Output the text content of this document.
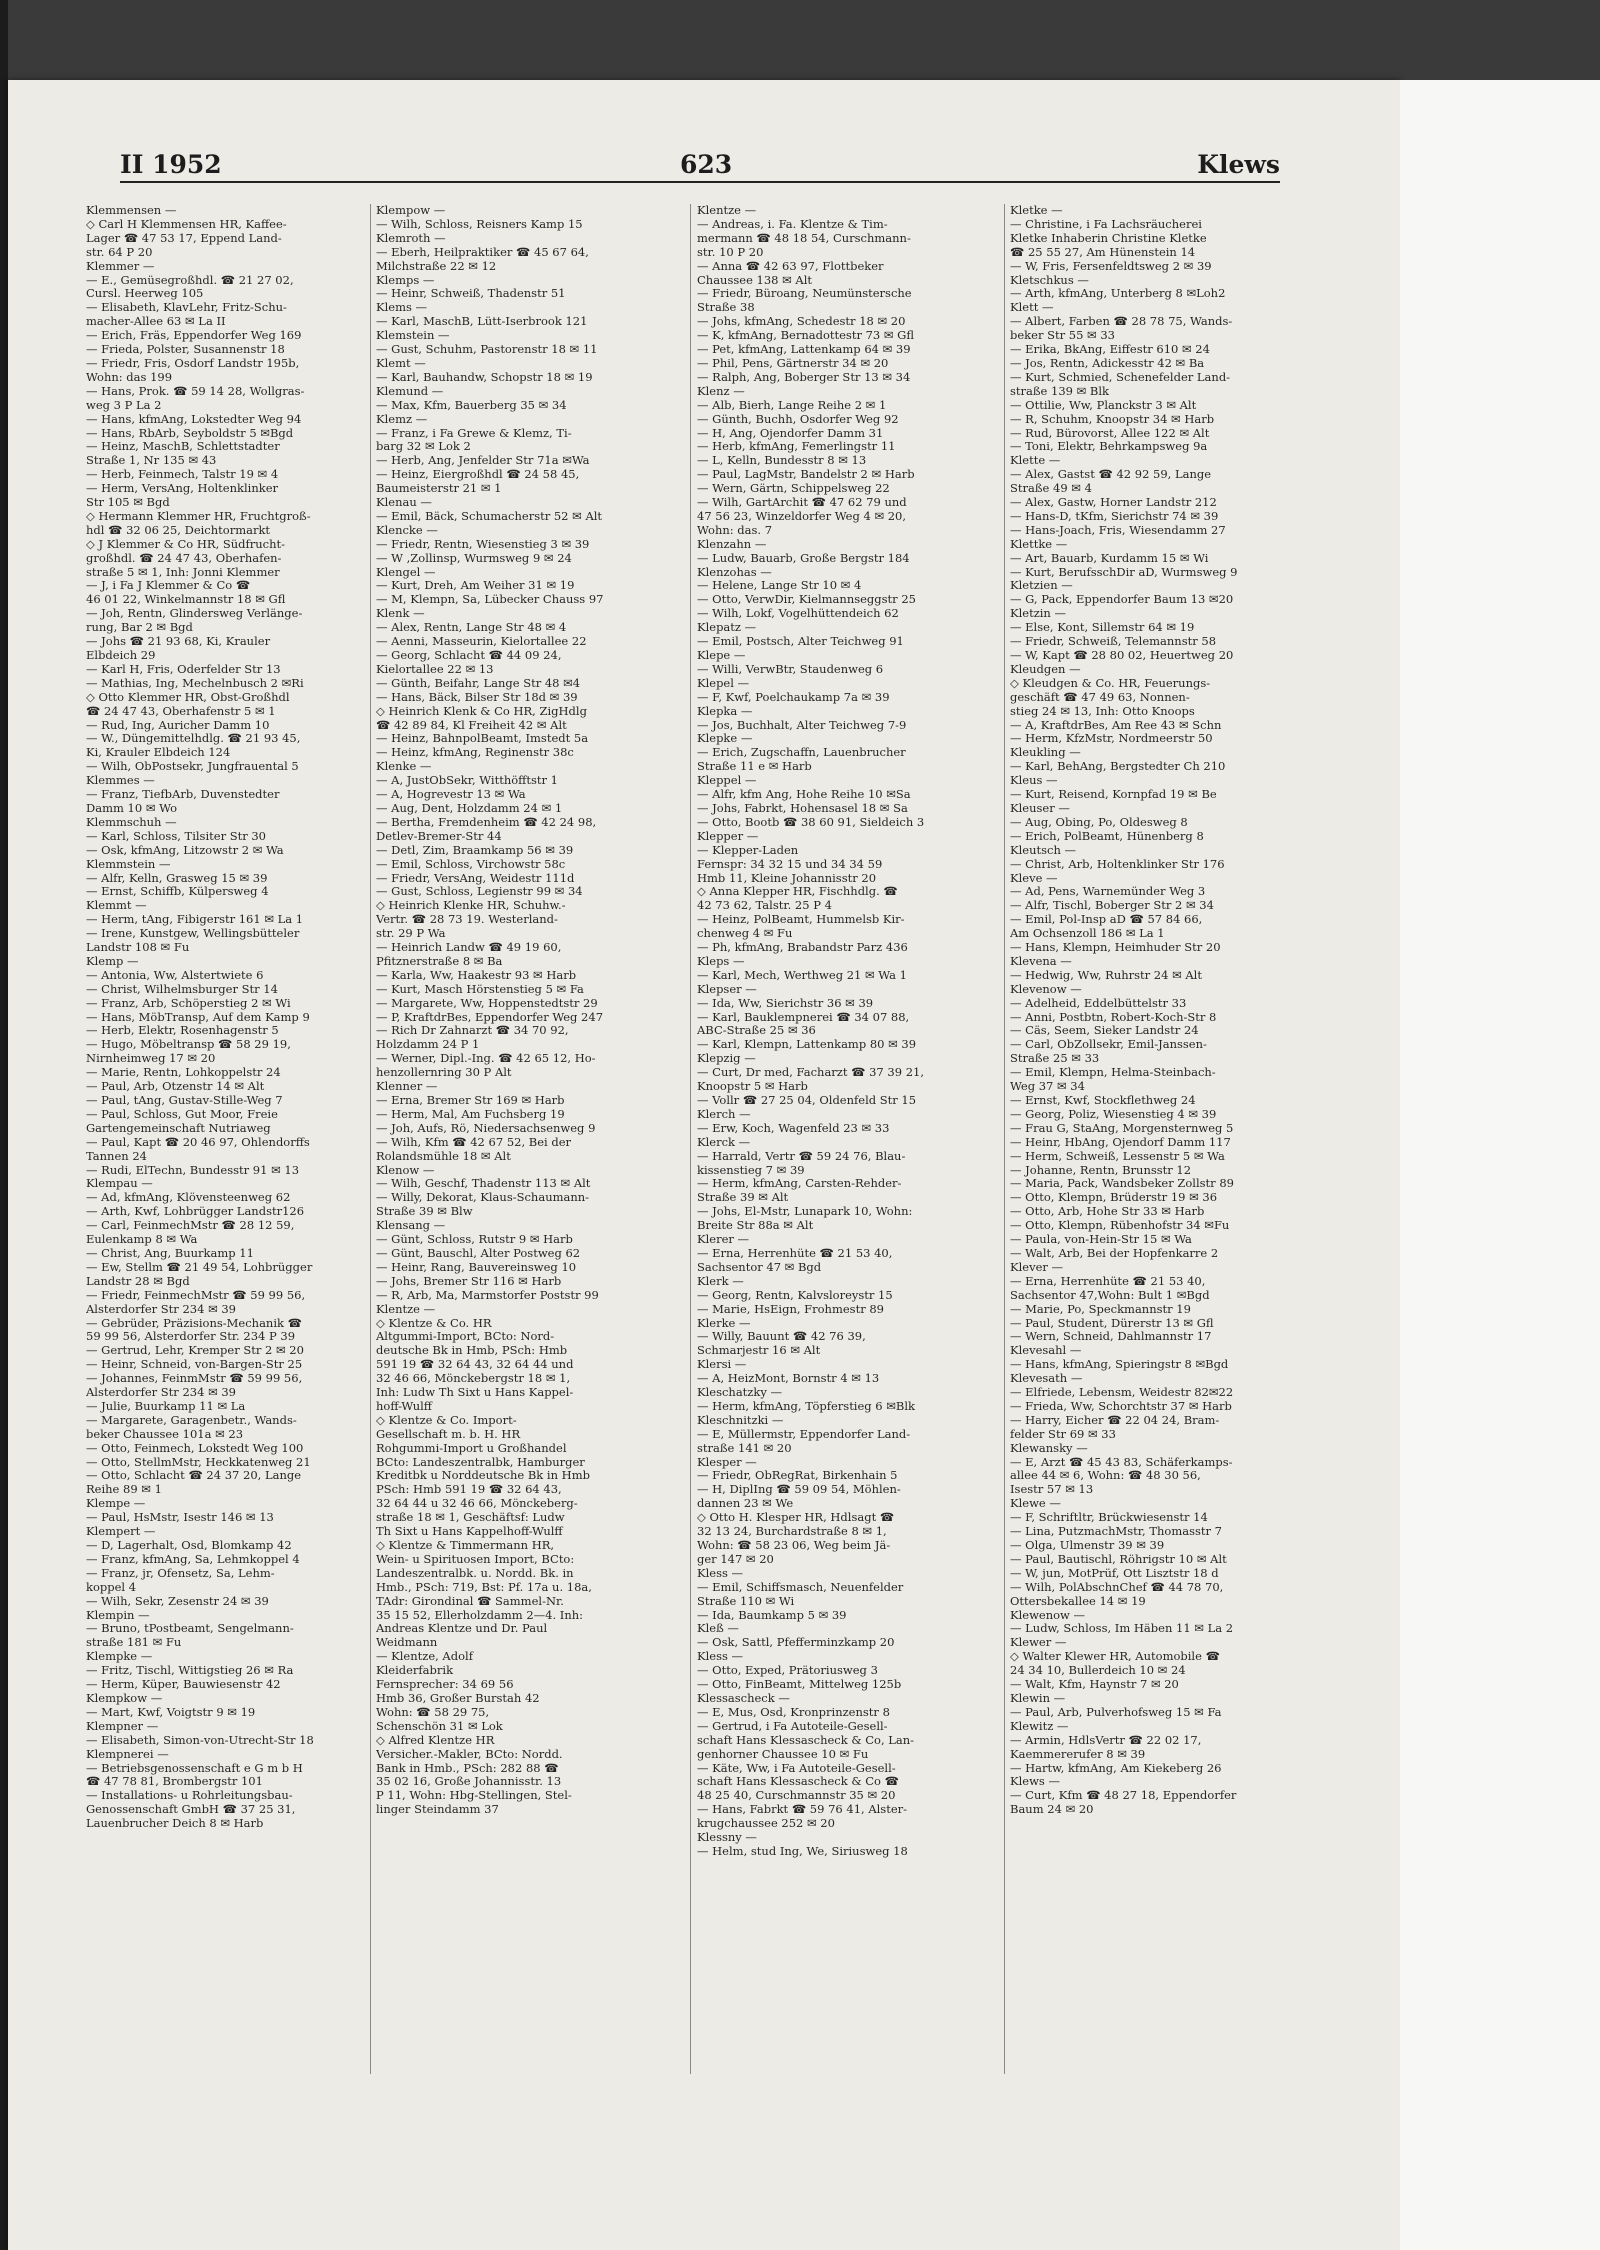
II 1952	623	Klews
Klemmensen —
◇ Carl H Klemmensen HR, Kaffee-
Lager ☎ 47 53 17, Eppend Land-
str. 64 P 20
Klemmer —
— E., Gemüsegroßhdl. ☎ 21 27 02,
Cursl. Heerweg 105
— Elisabeth, KlavLehr, Fritz-Schu-
macher-Allee 63 ✉ La II
— Erich, Fräs, Eppendorfer Weg 169
— Frieda, Polster, Susannenstr 18
— Friedr, Fris, Osdorf Landstr 195b,
Wohn: das 199
— Hans, Prok. ☎ 59 14 28, Wollgras-
weg 3 P La 2
— Hans, kfmAng, Lokstedter Weg 94
— Hans, RbArb, Seyboldstr 5 ✉Bgd
— Heinz, MaschB, Schlettstadter
Straße 1, Nr 135 ✉ 43
— Herb, Feinmech, Talstr 19 ✉ 4
— Herm, VersAng, Holtenklinker
Str 105 ✉ Bgd
◇ Hermann Klemmer HR, Fruchtgroß-
hdl ☎ 32 06 25, Deichtormarkt
◇ J Klemmer & Co HR, Südfrucht-
großhdl. ☎ 24 47 43, Oberhafen-
straße 5 ✉ 1, Inh: Jonni Klemmer
— J, i Fa J Klemmer & Co ☎
46 01 22, Winkelmannstr 18 ✉ Gfl
— Joh, Rentn, Glindersweg Verlänge-
rung, Bar 2 ✉ Bgd
— Johs ☎ 21 93 68, Ki, Krauler
Elbdeich 29
— Karl H, Fris, Oderfelder Str 13
— Mathias, Ing, Mechelnbusch 2 ✉Ri
◇ Otto Klemmer HR, Obst-Großhdl
☎ 24 47 43, Oberhafenstr 5 ✉ 1
— Rud, Ing, Auricher Damm 10
— W., Düngemittelhdlg. ☎ 21 93 45,
Ki, Krauler Elbdeich 124
— Wilh, ObPostsekr, Jungfrauental 5
Klemmes —
— Franz, TiefbArb, Duvenstedter
Damm 10 ✉ Wo
Klemmschuh —
— Karl, Schloss, Tilsiter Str 30
— Osk, kfmAng, Litzowstr 2 ✉ Wa
Klemmstein —
— Alfr, Kelln, Grasweg 15 ✉ 39
— Ernst, Schiffb, Külpersweg 4
Klemmt —
— Herm, tAng, Fibigerstr 161 ✉ La 1
— Irene, Kunstgew, Wellingsbütteler
Landstr 108 ✉ Fu
Klemp —
— Antonia, Ww, Alstertwiete 6
— Christ, Wilhelmsburger Str 14
— Franz, Arb, Schöperstieg 2 ✉ Wi
— Hans, MöbTransp, Auf dem Kamp 9
— Herb, Elektr, Rosenhagenstr 5
— Hugo, Möbeltransp ☎ 58 29 19,
Nirnheimweg 17 ✉ 20
— Marie, Rentn, Lohkoppelstr 24
— Paul, Arb, Otzenstr 14 ✉ Alt
— Paul, tAng, Gustav-Stille-Weg 7
— Paul, Schloss, Gut Moor, Freie
Gartengemeinschaft Nutriaweg
— Paul, Kapt ☎ 20 46 97, Ohlendorffs
Tannen 24
— Rudi, ElTechn, Bundesstr 91 ✉ 13
Klempau —
— Ad, kfmAng, Klövensteenweg 62
— Arth, Kwf, Lohbrügger Landstr126
— Carl, FeinmechMstr ☎ 28 12 59,
Eulenkamp 8 ✉ Wa
— Christ, Ang, Buurkamp 11
— Ew, Stellm ☎ 21 49 54, Lohbrügger
Landstr 28 ✉ Bgd
— Friedr, FeinmechMstr ☎ 59 99 56,
Alsterdorfer Str 234 ✉ 39
— Gebrüder, Präzisions-Mechanik ☎
59 99 56, Alsterdorfer Str. 234 P 39
— Gertrud, Lehr, Kremper Str 2 ✉ 20
— Heinr, Schneid, von-Bargen-Str 25
— Johannes, FeinmMstr ☎ 59 99 56,
Alsterdorfer Str 234 ✉ 39
— Julie, Buurkamp 11 ✉ La
— Margarete, Garagenbetr., Wands-
beker Chaussee 101a ✉ 23
— Otto, Feinmech, Lokstedt Weg 100
— Otto, StellmMstr, Heckkatenweg 21
— Otto, Schlacht ☎ 24 37 20, Lange
Reihe 89 ✉ 1
Klempe —
— Paul, HsMstr, Isestr 146 ✉ 13
Klempert —
— D, Lagerhalt, Osd, Blomkamp 42
— Franz, kfmAng, Sa, Lehmkoppel 4
— Franz, jr, Ofensetz, Sa, Lehm-
koppel 4
— Wilh, Sekr, Zesenstr 24 ✉ 39
Klempin —
— Bruno, tPostbeamt, Sengelmann-
straße 181 ✉ Fu
Klempke —
— Fritz, Tischl, Wittigstieg 26 ✉ Ra
— Herm, Küper, Bauwiesenstr 42
Klempkow —
— Mart, Kwf, Voigtstr 9 ✉ 19
Klempner —
— Elisabeth, Simon-von-Utrecht-Str 18
Klempnerei —
— Betriebsgenossenschaft e G m b H
☎ 47 78 81, Brombergstr 101
— Installations- u Rohrleitungsbau-
Genossenschaft GmbH ☎ 37 25 31,
Lauenbrucher Deich 8 ✉ Harb
Klempow —
— Wilh, Schloss, Reisners Kamp 15
Klemroth —
— Eberh, Heilpraktiker ☎ 45 67 64,
Milchstraße 22 ✉ 12
Klemps —
— Heinr, Schweiß, Thadenstr 51
Klems —
— Karl, MaschB, Lütt-Iserbrook 121
Klemstein —
— Gust, Schuhm, Pastorenstr 18 ✉ 11
Klemt —
— Karl, Bauhandw, Schopstr 18 ✉ 19
Klemund —
— Max, Kfm, Bauerberg 35 ✉ 34
Klemz —
— Franz, i Fa Grewe & Klemz, Ti-
barg 32 ✉ Lok 2
— Herb, Ang, Jenfelder Str 71a ✉Wa
— Heinz, Eiergroßhdl ☎ 24 58 45,
Baumeisterstr 21 ✉ 1
Klenau —
— Emil, Bäck, Schumacherstr 52 ✉ Alt
Klencke —
— Friedr, Rentn, Wiesenstieg 3 ✉ 39
— W ,Zollinsp, Wurmsweg 9 ✉ 24
Klengel —
— Kurt, Dreh, Am Weiher 31 ✉ 19
— M, Klempn, Sa, Lübecker Chauss 97
Klenk —
— Alex, Rentn, Lange Str 48 ✉ 4
— Aenni, Masseurin, Kielortallee 22
— Georg, Schlacht ☎ 44 09 24,
Kielortallee 22 ✉ 13
— Günth, Beifahr, Lange Str 48 ✉4
— Hans, Bäck, Bilser Str 18d ✉ 39
◇ Heinrich Klenk & Co HR, ZigHdlg
☎ 42 89 84, Kl Freiheit 42 ✉ Alt
— Heinz, BahnpolBeamt, Imstedt 5a
— Heinz, kfmAng, Reginenstr 38c
Klenke —
— A, JustObSekr, Witthöfftstr 1
— A, Hogrevestr 13 ✉ Wa
— Aug, Dent, Holzdamm 24 ✉ 1
— Bertha, Fremdenheim ☎ 42 24 98,
Detlev-Bremer-Str 44
— Detl, Zim, Braamkamp 56 ✉ 39
— Emil, Schloss, Virchowstr 58c
— Friedr, VersAng, Weidestr 111d
— Gust, Schloss, Legienstr 99 ✉ 34
◇ Heinrich Klenke HR, Schuhw.-
Vertr. ☎ 28 73 19. Westerland-
str. 29 P Wa
— Heinrich Landw ☎ 49 19 60,
Pfitznerstraße 8 ✉ Ba
— Karla, Ww, Haakestr 93 ✉ Harb
— Kurt, Masch Hörstenstieg 5 ✉ Fa
— Margarete, Ww, Hoppenstedtstr 29
— P, KraftdrBes, Eppendorfer Weg 247
— Rich Dr Zahnarzt ☎ 34 70 92,
Holzdamm 24 P 1
— Werner, Dipl.-Ing. ☎ 42 65 12, Ho-
henzollernring 30 P Alt
Klenner —
— Erna, Bremer Str 169 ✉ Harb
— Herm, Mal, Am Fuchsberg 19
— Joh, Aufs, Rö, Niedersachsenweg 9
— Wilh, Kfm ☎ 42 67 52, Bei der
Rolandsmühle 18 ✉ Alt
Klenow —
— Wilh, Geschf, Thadenstr 113 ✉ Alt
— Willy, Dekorat, Klaus-Schaumann-
Straße 39 ✉ Blw
Klensang —
— Günt, Schloss, Rutstr 9 ✉ Harb
— Günt, Bauschl, Alter Postweg 62
— Heinr, Rang, Bauvereinsweg 10
— Johs, Bremer Str 116 ✉ Harb
— R, Arb, Ma, Marmstorfer Poststr 99
Klentze —
◇ Klentze & Co. HR
Altgummi-Import, BCto: Nord-
deutsche Bk in Hmb, PSch: Hmb
591 19 ☎ 32 64 43, 32 64 44 und
32 46 66, Mönckebergstr 18 ✉ 1,
Inh: Ludw Th Sixt u Hans Kappel-
hoff-Wulff
◇ Klentze & Co. Import-
Gesellschaft m. b. H. HR
Rohgummi-Import u Großhandel
BCto: Landeszentralbk, Hamburger
Kreditbk u Norddeutsche Bk in Hmb
PSch: Hmb 591 19 ☎ 32 64 43,
32 64 44 u 32 46 66, Mönckeberg-
straße 18 ✉ 1, Geschäftsf: Ludw
Th Sixt u Hans Kappelhoff-Wulff
◇ Klentze & Timmermann HR,
Wein- u Spirituosen Import, BCto:
Landeszentralbk. u. Nordd. Bk. in
Hmb., PSch: 719, Bst: Pf. 17a u. 18a,
TAdr: Girondinal ☎ Sammel-Nr.
35 15 52, Ellerholzdamm 2—4. Inh:
Andreas Klentze und Dr. Paul
Weidmann
— Klentze, Adolf
Kleiderfabrik
Fernsprecher: 34 69 56
Hmb 36, Großer Burstah 42
Wohn: ☎ 58 29 75,
Schenschön 31 ✉ Lok
◇ Alfred Klentze HR
Versicher.-Makler, BCto: Nordd.
Bank in Hmb., PSch: 282 88 ☎
35 02 16, Große Johannisstr. 13
P 11, Wohn: Hbg-Stellingen, Stel-
linger Steindamm 37
Klentze —
— Andreas, i. Fa. Klentze & Tim-
mermann ☎ 48 18 54, Curschmann-
str. 10 P 20
— Anna ☎ 42 63 97, Flottbeker
Chaussee 138 ✉ Alt
— Friedr, Büroang, Neumünstersche
Straße 38
— Johs, kfmAng, Schedestr 18 ✉ 20
— K, kfmAng, Bernadottestr 73 ✉ Gfl
— Pet, kfmAng, Lattenkamp 64 ✉ 39
— Phil, Pens, Gärtnerstr 34 ✉ 20
— Ralph, Ang, Boberger Str 13 ✉ 34
Klenz —
— Alb, Bierh, Lange Reihe 2 ✉ 1
— Günth, Buchh, Osdorfer Weg 92
— H, Ang, Ojendorfer Damm 31
— Herb, kfmAng, Femerlingstr 11
— L, Kelln, Bundesstr 8 ✉ 13
— Paul, LagMstr, Bandelstr 2 ✉ Harb
— Wern, Gärtn, Schippelsweg 22
— Wilh, GartArchit ☎ 47 62 79 und
47 56 23, Winzeldorfer Weg 4 ✉ 20,
Wohn: das. 7
Klenzahn —
— Ludw, Bauarb, Große Bergstr 184
Klenzohas —
— Helene, Lange Str 10 ✉ 4
— Otto, VerwDir, Kielmannseggstr 25
— Wilh, Lokf, Vogelhüttendeich 62
Klepatz —
— Emil, Postsch, Alter Teichweg 91
Klepe —
— Willi, VerwBtr, Staudenweg 6
Klepel —
— F, Kwf, Poelchaukamp 7a ✉ 39
Klepka —
— Jos, Buchhalt, Alter Teichweg 7-9
Klepke —
— Erich, Zugschaffn, Lauenbrucher
Straße 11 e ✉ Harb
Kleppel —
— Alfr, kfm Ang, Hohe Reihe 10 ✉Sa
— Johs, Fabrkt, Hohensasel 18 ✉ Sa
— Otto, Bootb ☎ 38 60 91, Sieldeich 3
Klepper —
— Klepper-Laden
Fernspr: 34 32 15 und 34 34 59
Hmb 11, Kleine Johannisstr 20
◇ Anna Klepper HR, Fischhdlg. ☎
42 73 62, Talstr. 25 P 4
— Heinz, PolBeamt, Hummelsb Kir-
chenweg 4 ✉ Fu
— Ph, kfmAng, Brabandstr Parz 436
Kleps —
— Karl, Mech, Werthweg 21 ✉ Wa 1
Klepser —
— Ida, Ww, Sierichstr 36 ✉ 39
— Karl, Bauklempnerei ☎ 34 07 88,
ABC-Straße 25 ✉ 36
— Karl, Klempn, Lattenkamp 80 ✉ 39
Klepzig —
— Curt, Dr med, Facharzt ☎ 37 39 21,
Knoopstr 5 ✉ Harb
— Vollr ☎ 27 25 04, Oldenfeld Str 15
Klerch —
— Erw, Koch, Wagenfeld 23 ✉ 33
Klerck —
— Harrald, Vertr ☎ 59 24 76, Blau-
kissenstieg 7 ✉ 39
— Herm, kfmAng, Carsten-Rehder-
Straße 39 ✉ Alt
— Johs, El-Mstr, Lunapark 10, Wohn:
Breite Str 88a ✉ Alt
Klerer —
— Erna, Herrenhüte ☎ 21 53 40,
Sachsentor 47 ✉ Bgd
Klerk —
— Georg, Rentn, Kalvsloreystr 15
— Marie, HsEign, Frohmestr 89
Klerke —
— Willy, Bauunt ☎ 42 76 39,
Schmarjestr 16 ✉ Alt
Klersi —
— A, HeizMont, Bornstr 4 ✉ 13
Kleschatzky —
— Herm, kfmAng, Töpferstieg 6 ✉Blk
Kleschnitzki —
— E, Müllermstr, Eppendorfer Land-
straße 141 ✉ 20
Klesper —
— Friedr, ObRegRat, Birkenhain 5
— H, DiplIng ☎ 59 09 54, Möhlen-
dannen 23 ✉ We
◇ Otto H. Klesper HR, Hdlsagt ☎
32 13 24, Burchardstraße 8 ✉ 1,
Wohn: ☎ 58 23 06, Weg beim Jä-
ger 147 ✉ 20
Kless —
— Emil, Schiffsmasch, Neuenfelder
Straße 110 ✉ Wi
— Ida, Baumkamp 5 ✉ 39
Kleß —
— Osk, Sattl, Pfefferminzkamp 20
Kless —
— Otto, Exped, Prätoriusweg 3
— Otto, FinBeamt, Mittelweg 125b
Klessascheck —
— E, Mus, Osd, Kronprinzenstr 8
— Gertrud, i Fa Autoteile-Gesell-
schaft Hans Klessascheck & Co, Lan-
genhorner Chaussee 10 ✉ Fu
— Käte, Ww, i Fa Autoteile-Gesell-
schaft Hans Klessascheck & Co ☎
48 25 40, Curschmannstr 35 ✉ 20
— Hans, Fabrkt ☎ 59 76 41, Alster-
krugchaussee 252 ✉ 20
Klessny —
— Helm, stud Ing, We, Siriusweg 18
Kletke —
— Christine, i Fa Lachsräucherei
Kletke Inhaberin Christine Kletke
☎ 25 55 27, Am Hünenstein 14
— W, Fris, Fersenfeldtsweg 2 ✉ 39
Kletschkus —
— Arth, kfmAng, Unterberg 8 ✉Loh2
Klett —
— Albert, Farben ☎ 28 78 75, Wands-
beker Str 55 ✉ 33
— Erika, BkAng, Eiffestr 610 ✉ 24
— Jos, Rentn, Adickesstr 42 ✉ Ba
— Kurt, Schmied, Schenefelder Land-
straße 139 ✉ Blk
— Ottilie, Ww, Planckstr 3 ✉ Alt
— R, Schuhm, Knoopstr 34 ✉ Harb
— Rud, Bürovorst, Allee 122 ✉ Alt
— Toni, Elektr, Behrkampsweg 9a
Klette —
— Alex, Gastst ☎ 42 92 59, Lange
Straße 49 ✉ 4
— Alex, Gastw, Horner Landstr 212
— Hans-D, tKfm, Sierichstr 74 ✉ 39
— Hans-Joach, Fris, Wiesendamm 27
Klettke —
— Art, Bauarb, Kurdamm 15 ✉ Wi
— Kurt, BerufsschDir aD, Wurmsweg 9
Kletzien —
— G, Pack, Eppendorfer Baum 13 ✉20
Kletzin —
— Else, Kont, Sillemstr 64 ✉ 19
— Friedr, Schweiß, Telemannstr 58
— W, Kapt ☎ 28 80 02, Heuertweg 20
Kleudgen —
◇ Kleudgen & Co. HR, Feuerungs-
geschäft ☎ 47 49 63, Nonnen-
stieg 24 ✉ 13, Inh: Otto Knoops
— A, KraftdrBes, Am Ree 43 ✉ Schn
— Herm, KfzMstr, Nordmeerstr 50
Kleukling —
— Karl, BehAng, Bergstedter Ch 210
Kleus —
— Kurt, Reisend, Kornpfad 19 ✉ Be
Kleuser —
— Aug, Obing, Po, Oldesweg 8
— Erich, PolBeamt, Hünenberg 8
Kleutsch —
— Christ, Arb, Holtenklinker Str 176
Kleve —
— Ad, Pens, Warnemünder Weg 3
— Alfr, Tischl, Boberger Str 2 ✉ 34
— Emil, Pol-Insp aD ☎ 57 84 66,
Am Ochsenzoll 186 ✉ La 1
— Hans, Klempn, Heimhuder Str 20
Klevena —
— Hedwig, Ww, Ruhrstr 24 ✉ Alt
Klevenow —
— Adelheid, Eddelbüttelstr 33
— Anni, Postbtn, Robert-Koch-Str 8
— Cäs, Seem, Sieker Landstr 24
— Carl, ObZollsekr, Emil-Janssen-
Straße 25 ✉ 33
— Emil, Klempn, Helma-Steinbach-
Weg 37 ✉ 34
— Ernst, Kwf, Stockflethweg 24
— Georg, Poliz, Wiesenstieg 4 ✉ 39
— Frau G, StaAng, Morgensternweg 5
— Heinr, HbAng, Ojendorf Damm 117
— Herm, Schweiß, Lessenstr 5 ✉ Wa
— Johanne, Rentn, Brunsstr 12
— Maria, Pack, Wandsbeker Zollstr 89
— Otto, Klempn, Brüderstr 19 ✉ 36
— Otto, Arb, Hohe Str 33 ✉ Harb
— Otto, Klempn, Rübenhofstr 34 ✉Fu
— Paula, von-Hein-Str 15 ✉ Wa
— Walt, Arb, Bei der Hopfenkarre 2
Klever —
— Erna, Herrenhüte ☎ 21 53 40,
Sachsentor 47,Wohn: Bult 1 ✉Bgd
— Marie, Po, Speckmannstr 19
— Paul, Student, Dürerstr 13 ✉ Gfl
— Wern, Schneid, Dahlmannstr 17
Klevesahl —
— Hans, kfmAng, Spieringstr 8 ✉Bgd
Klevesath —
— Elfriede, Lebensm, Weidestr 82✉22
— Frieda, Ww, Schorchtstr 37 ✉ Harb
— Harry, Eicher ☎ 22 04 24, Bram-
felder Str 69 ✉ 33
Klewansky —
— E, Arzt ☎ 45 43 83, Schäferkamps-
allee 44 ✉ 6, Wohn: ☎ 48 30 56,
Isestr 57 ✉ 13
Klewe —
— F, Schriftltr, Brückwiesenstr 14
— Lina, PutzmachMstr, Thomasstr 7
— Olga, Ulmenstr 39 ✉ 39
— Paul, Bautischl, Röhrigstr 10 ✉ Alt
— W, jun, MotPrüf, Ott Lisztstr 18 d
— Wilh, PolAbschnChef ☎ 44 78 70,
Ottersbekallee 14 ✉ 19
Klewenow —
— Ludw, Schloss, Im Häben 11 ✉ La 2
Klewer —
◇ Walter Klewer HR, Automobile ☎
24 34 10, Bullerdeich 10 ✉ 24
— Walt, Kfm, Haynstr 7 ✉ 20
Klewin —
— Paul, Arb, Pulverhofsweg 15 ✉ Fa
Klewitz —
— Armin, HdlsVertr ☎ 22 02 17,
Kaemmererufer 8 ✉ 39
— Hartw, kfmAng, Am Kiekeberg 26
Klews —
— Curt, Kfm ☎ 48 27 18, Eppendorfer
Baum 24 ✉ 20
